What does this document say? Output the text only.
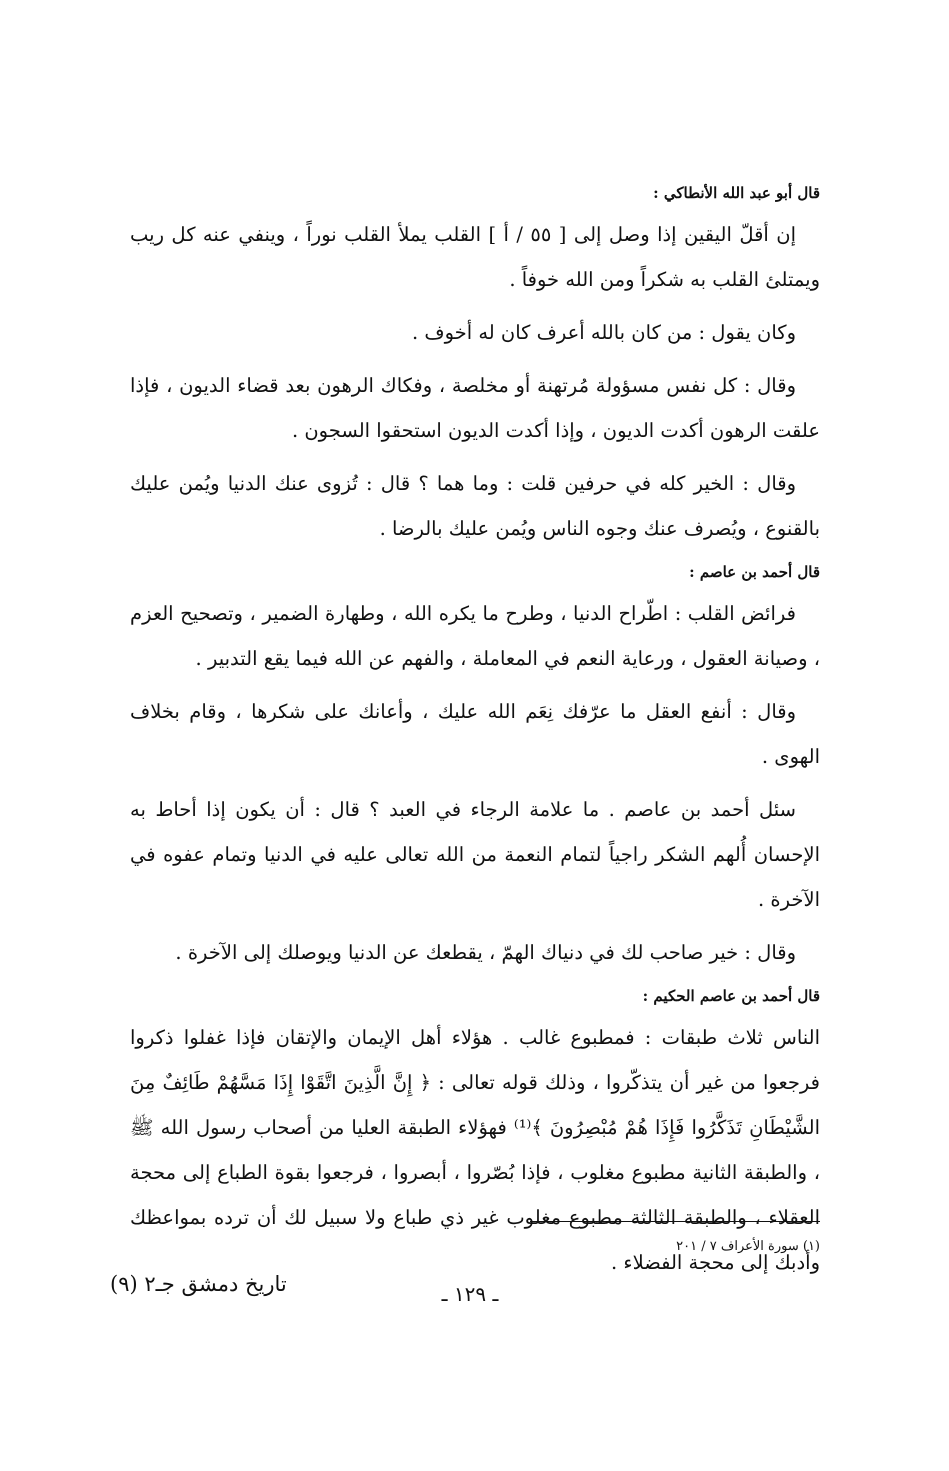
قال أبو عبد الله الأنطاكي :

إن أقلّ اليقين إذا وصل إلى [ ٥٥ / أ ] القلب يملأ القلب نوراً ، وينفي عنه كل ريب ويمتلئ القلب به شكراً ومن الله خوفاً .

وكان يقول : من كان بالله أعرف كان له أخوف .

وقال : كل نفس مسؤولة مُرتهنة أو مخلصة ، وفكاك الرهون بعد قضاء الديون ، فإذا علقت الرهون أكدت الديون ، وإذا أكدت الديون استحقوا السجون .

وقال : الخير كله في حرفين قلت : وما هما ؟ قال : تُزوى عنك الدنيا ويُمن عليك بالقنوع ، ويُصرف عنك وجوه الناس ويُمن عليك بالرضا .

قال أحمد بن عاصم :

فرائض القلب : اطّراح الدنيا ، وطرح ما يكره الله ، وطهارة الضمير ، وتصحيح العزم ، وصيانة العقول ، ورعاية النعم في المعاملة ، والفهم عن الله فيما يقع التدبير .

وقال : أنفع العقل ما عرّفك نِعَم الله عليك ، وأعانك على شكرها ، وقام بخلاف الهوى .

سئل أحمد بن عاصم . ما علامة الرجاء في العبد ؟ قال : أن يكون إذا أحاط به الإحسان أُلهم الشكر راجياً لتمام النعمة من الله تعالى عليه في الدنيا وتمام عفوه في الآخرة .

وقال : خير صاحب لك في دنياك الهمّ ، يقطعك عن الدنيا ويوصلك إلى الآخرة .

قال أحمد بن عاصم الحكيم :

الناس ثلاث طبقات : فمطبوع غالب . هؤلاء أهل الإيمان والإتقان فإذا غفلوا ذكروا فرجعوا من غير أن يتذكّروا ، وذلك قوله تعالى : ﴿ إِنَّ الَّذِينَ اتَّقَوْا إِذَا مَسَّهُمْ طَائِفٌ مِنَ الشَّيْطَانِ تَذَكَّرُوا فَإِذَا هُمْ مُبْصِرُونَ ﴾⁽¹⁾ فهؤلاء الطبقة العليا من أصحاب رسول الله ﷺ ، والطبقة الثانية مطبوع مغلوب ، فإذا بُصّروا ، أبصروا ، فرجعوا بقوة الطباع إلى محجة العقلاء ، والطبقة الثالثة مطبوع مغلوب غير ذي طباع ولا سبيل لك أن ترده بمواعظك وأدبك إلى محجة الفضلاء .

(١) سورة الأعراف ٧ / ٢٠١
ـ ١٢٩ ـ
تاريخ دمشق جـ٢ (٩)
